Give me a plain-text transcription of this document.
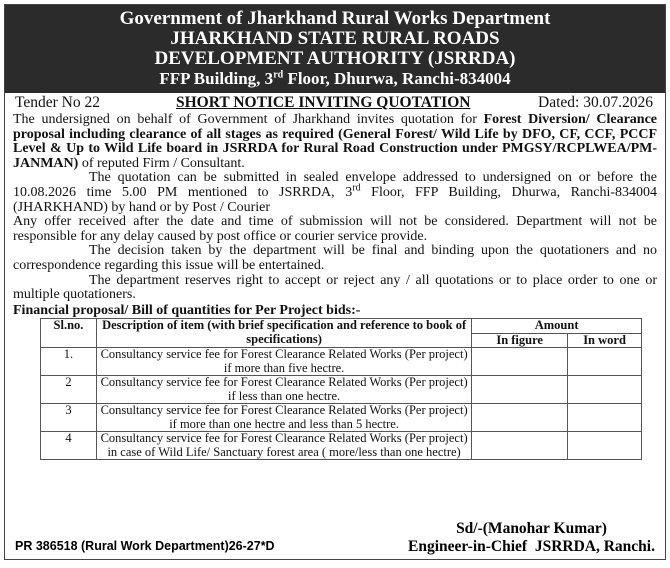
Government of Jharkhand Rural Works Department
JHARKHAND STATE RURAL ROADS
DEVELOPMENT AUTHORITY (JSRRDA)
FFP Building, 3rd Floor, Dhurwa, Ranchi-834004
Tender No 22	SHORT NOTICE INVITING QUOTATION	Dated: 30.07.2026

The undersigned on behalf of Government of Jharkhand invites quotation for Forest Diversion/ Clearance proposal including clearance of all stages as required (General Forest/ Wild Life by DFO, CF, CCF, PCCF Level & Up to Wild Life board in JSRRDA for Rural Road Construction under PMGSY/RCPLWEA/PM-JANMAN) of reputed Firm / Consultant.

The quotation can be submitted in sealed envelope addressed to undersigned on or before the 10.08.2026 time 5.00 PM mentioned to JSRRDA, 3rd Floor, FFP Building, Dhurwa, Ranchi-834004 (JHARKHAND) by hand or by Post / Courier

Any offer received after the date and time of submission will not be considered. Department will not be responsible for any delay caused by post office or courier service provide.

The decision taken by the department will be final and binding upon the quotationers and no correspondence regarding this issue will be entertained.

The department reserves right to accept or reject any / all quotations or to place order to one or multiple quotationers.

Financial proposal/ Bill of quantities for Per Project bids:-
Sl.no.	Description of item (with brief specification and reference to book of specifications)	Amount	
		In figure	In word
1.	Consultancy service fee for Forest Clearance Related Works (Per project) if more than five hectre.		
2	Consultancy service fee for Forest Clearance Related Works (Per project) if less than one hectre.		
3	Consultancy service fee for Forest Clearance Related Works (Per project) if more than one hectre and less than 5 hectre.		
4	Consultancy service fee for Forest Clearance Related Works (Per project) in case of Wild Life/ Sanctuary forest area ( more/less than one hectre)		
PR 386518 (Rural Work Department)26-27*D
Sd/-(Manohar Kumar)
Engineer-in-Chief  JSRRDA, Ranchi.
